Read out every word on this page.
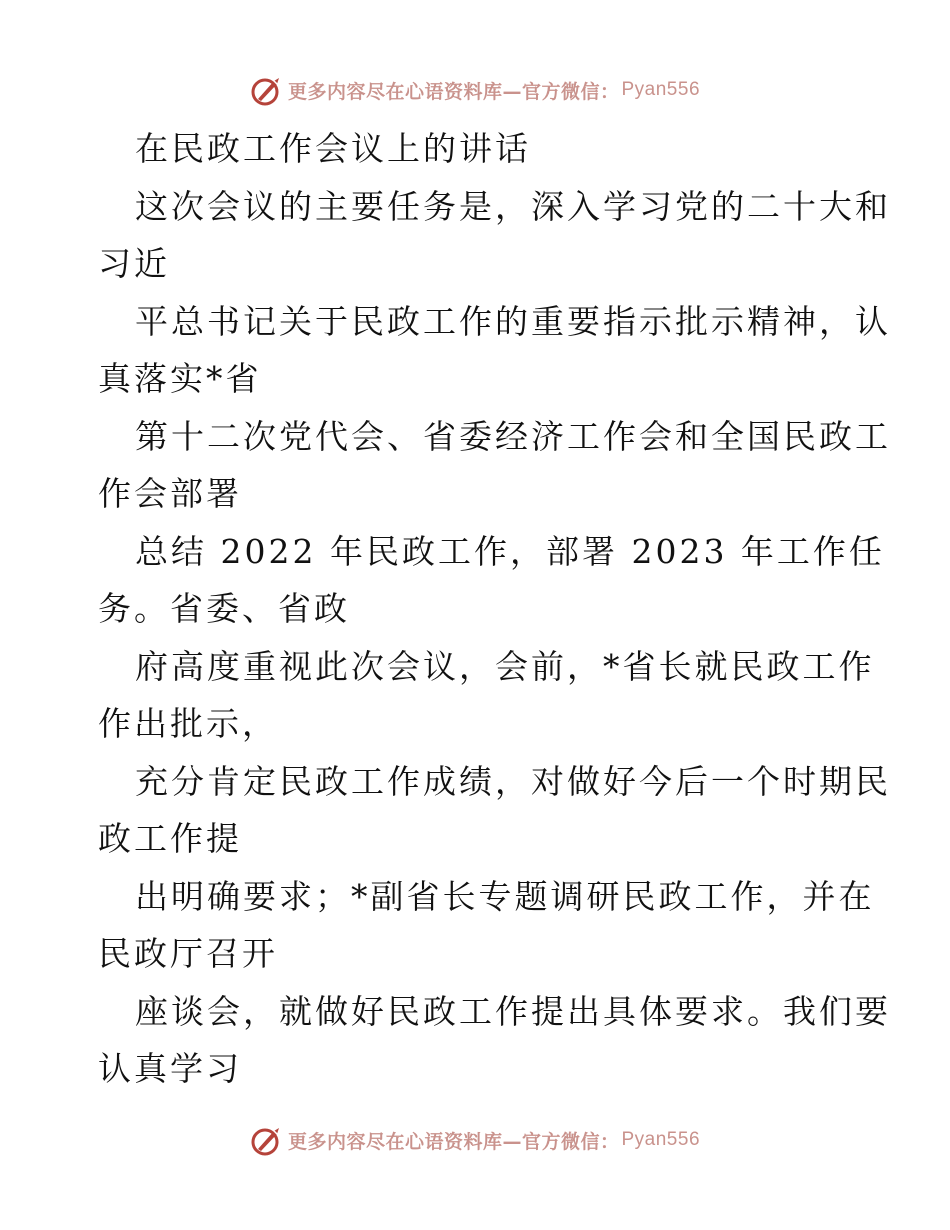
更多内容尽在心语资料库—官方微信： Pyan556
在民政工作会议上的讲话
这次会议的主要任务是，深入学习党的二十大和
习近
平总书记关于民政工作的重要指示批示精神，认
真落实*省
第十二次党代会、省委经济工作会和全国民政工
作会部署
总结 2022 年民政工作，部署 2023 年工作任
务。省委、省政
府高度重视此次会议，会前，*省长就民政工作
作出批示，
充分肯定民政工作成绩，对做好今后一个时期民
政工作提
出明确要求；*副省长专题调研民政工作，并在
民政厅召开
座谈会，就做好民政工作提出具体要求。我们要
认真学习
更多内容尽在心语资料库—官方微信： Pyan556
